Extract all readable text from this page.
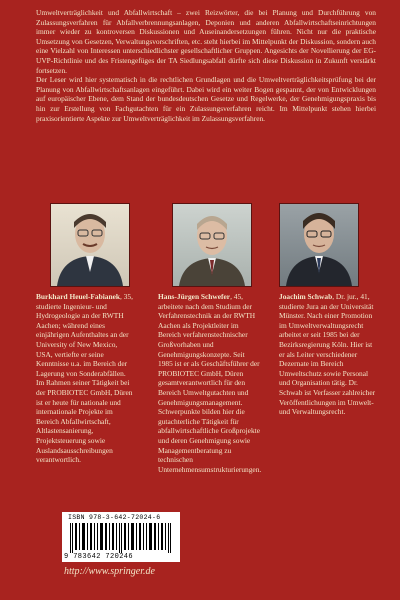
Umweltverträglichkeit und Abfallwirtschaft – zwei Reizwörter, die bei Planung und Durchführung von Zulassungsverfahren für Abfallverbrennungsanlagen, Deponien und anderen Abfallwirtschaftseinrichtungen immer wieder zu kontroversen Diskussionen und Auseinandersetzungen führen. Nicht nur die praktische Umsetzung von Gesetzen, Verwaltungsvorschriften, etc. steht hierbei im Mittelpunkt der Diskussion, sondern auch eine Vielzahl von Interessen unterschiedlichster gesellschaftlicher Gruppen. Angesichts der Novellierung der EG-UVP-Richtlinie und des Fristengefüges der TA Siedlungsabfall dürfte sich diese Diskussion in Zukunft verstärkt fortsetzen.

Der Leser wird hier systematisch in die rechtlichen Grundlagen und die Umweltverträglichkeitsprüfung bei der Planung von Abfallwirtschaftsanlagen eingeführt. Dabei wird ein weiter Bogen gespannt, der von Entwicklungen auf europäischer Ebene, dem Stand der bundesdeutschen Gesetze und Regelwerke, der Genehmigungspraxis bis hin zur Erstellung von Fachgutachten für ein Zulassungsverfahren reicht. Im Mittelpunkt stehen hierbei praxisorientierte Aspekte zur Umweltverträglichkeit im Zulassungsverfahren.

Burkhard Heuel-Fabianek, 35, studierte Ingenieur- und Hydrogeologie an der RWTH Aachen; während eines einjährigen Aufenthaltes an der University of New Mexico, USA, vertiefte er seine Kenntnisse u.a. im Bereich der Lagerung von Sonderabfällen. Im Rahmen seiner Tätigkeit bei der PROBIOTEC GmbH, Düren ist er heute für nationale und internationale Projekte im Bereich Abfallwirtschaft, Altlastensanierung, Projektsteuerung sowie Auslandsausschreibungen verantwortlich.

Hans-Jürgen Schwefer, 45, arbeitete nach dem Studium der Verfahrenstechnik an der RWTH Aachen als Projektleiter im Bereich verfahrenstechnischer Großvorhaben und Genehmigungskonzepte. Seit 1985 ist er als Geschäftsführer der PROBIOTEC GmbH, Düren gesamtverantwortlich für den Bereich Umweltgutachten und Genehmigungsmanagement. Schwerpunkte bilden hier die gutachterliche Tätigkeit für abfallwirtschaftliche Großprojekte und deren Genehmigung sowie Managementberatung zu technischen Unternehmensumstrukturierungen.

Joachim Schwab, Dr. jur., 41, studierte Jura an der Universität Münster. Nach einer Promotion im Umweltverwaltungsrecht arbeitet er seit 1985 bei der Bezirksregierung Köln. Hier ist er als Leiter verschiedener Dezernate im Bereich Umweltschutz sowie Personal und Organisation tätig. Dr. Schwab ist Verfasser zahlreicher Veröffentlichungen im Umwelt- und Verwaltungsrecht.

ISBN 978-3-642-72024-6
9 783642 720246
http://www.springer.de
